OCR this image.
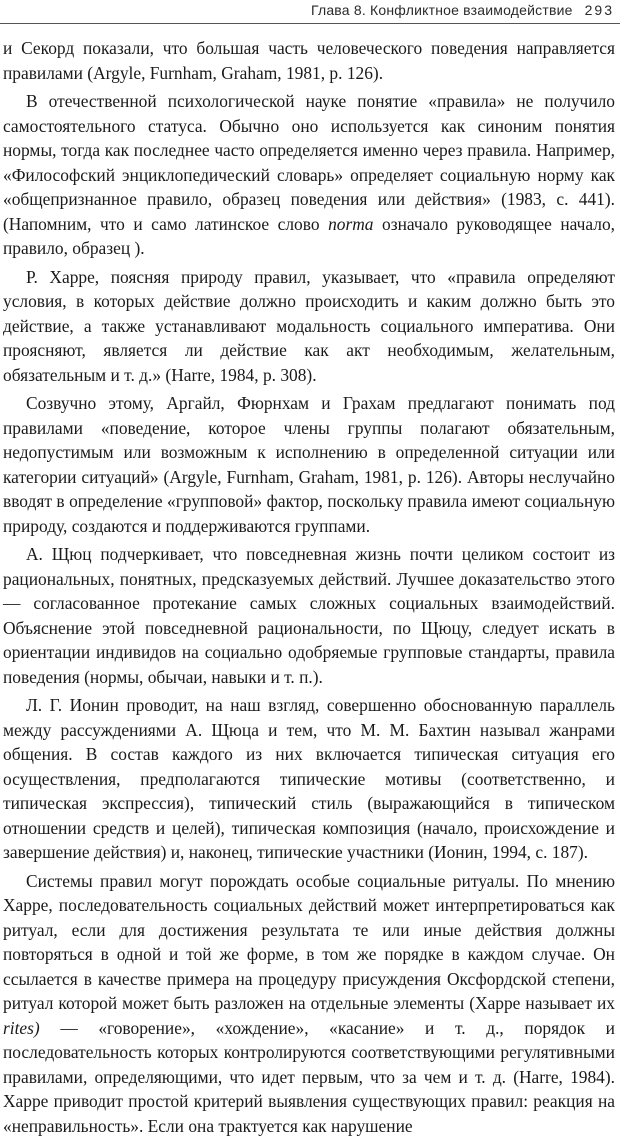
Глава 8. Конфликтное взаимодействие 293

и Секорд показали, что большая часть человеческого поведения направляется правилами (Argyle, Furnham, Graham, 1981, p. 126).

В отечественной психологической науке понятие «правила» не получило самостоятельного статуса. Обычно оно используется как синоним понятия нормы, тогда как последнее часто определяется именно через правила. Например, «Философский энциклопедический словарь» определяет социальную норму как «общепризнанное правило, образец поведения или действия» (1983, с. 441). (Напомним, что и само латинское слово norma означало руководящее начало, правило, образец ).

Р. Харре, поясняя природу правил, указывает, что «правила определяют условия, в которых действие должно происходить и каким должно быть это действие, а также устанавливают модальность социального императива. Они проясняют, является ли действие как акт необходимым, желательным, обязательным и т. д.» (Harre, 1984, p. 308).

Созвучно этому, Аргайл, Фюрнхам и Грахам предлагают понимать под правилами «поведение, которое члены группы полагают обязательным, недопустимым или возможным к исполнению в определенной ситуации или категории ситуаций» (Argyle, Furnham, Graham, 1981, p. 126). Авторы неслучайно вводят в определение «групповой» фактор, поскольку правила имеют социальную природу, создаются и поддерживаются группами.

А. Щюц подчеркивает, что повседневная жизнь почти целиком состоит из рациональных, понятных, предсказуемых действий. Лучшее доказательство этого — согласованное протекание самых сложных социальных взаимодействий. Объяснение этой повседневной рациональности, по Щюцу, следует искать в ориентации индивидов на социально одобряемые групповые стандарты, правила поведения (нормы, обычаи, навыки и т. п.).

Л. Г. Ионин проводит, на наш взгляд, совершенно обоснованную параллель между рассуждениями А. Щюца и тем, что М. М. Бахтин называл жанрами общения. В состав каждого из них включается типическая ситуация его осуществления, предполагаются типические мотивы (соответственно, и типическая экспрессия), типический стиль (выражающийся в типическом отношении средств и целей), типическая композиция (начало, происхождение и завершение действия) и, наконец, типические участники (Ионин, 1994, с. 187).

Системы правил могут порождать особые социальные ритуалы. По мнению Харре, последовательность социальных действий может интерпретироваться как ритуал, если для достижения результата те или иные действия должны повторяться в одной и той же форме, в том же порядке в каждом случае. Он ссылается в качестве примера на процедуру присуждения Оксфордской степени, ритуал которой может быть разложен на отдельные элементы (Харре называет их rites) — «говорение», «хождение», «касание» и т. д., порядок и последовательность которых контролируются соответствующими регулятивными правилами, определяющими, что идет первым, что за чем и т. д. (Harre, 1984). Харре приводит простой критерий выявления существующих правил: реакция на «неправильность». Если она трактуется как нарушение
